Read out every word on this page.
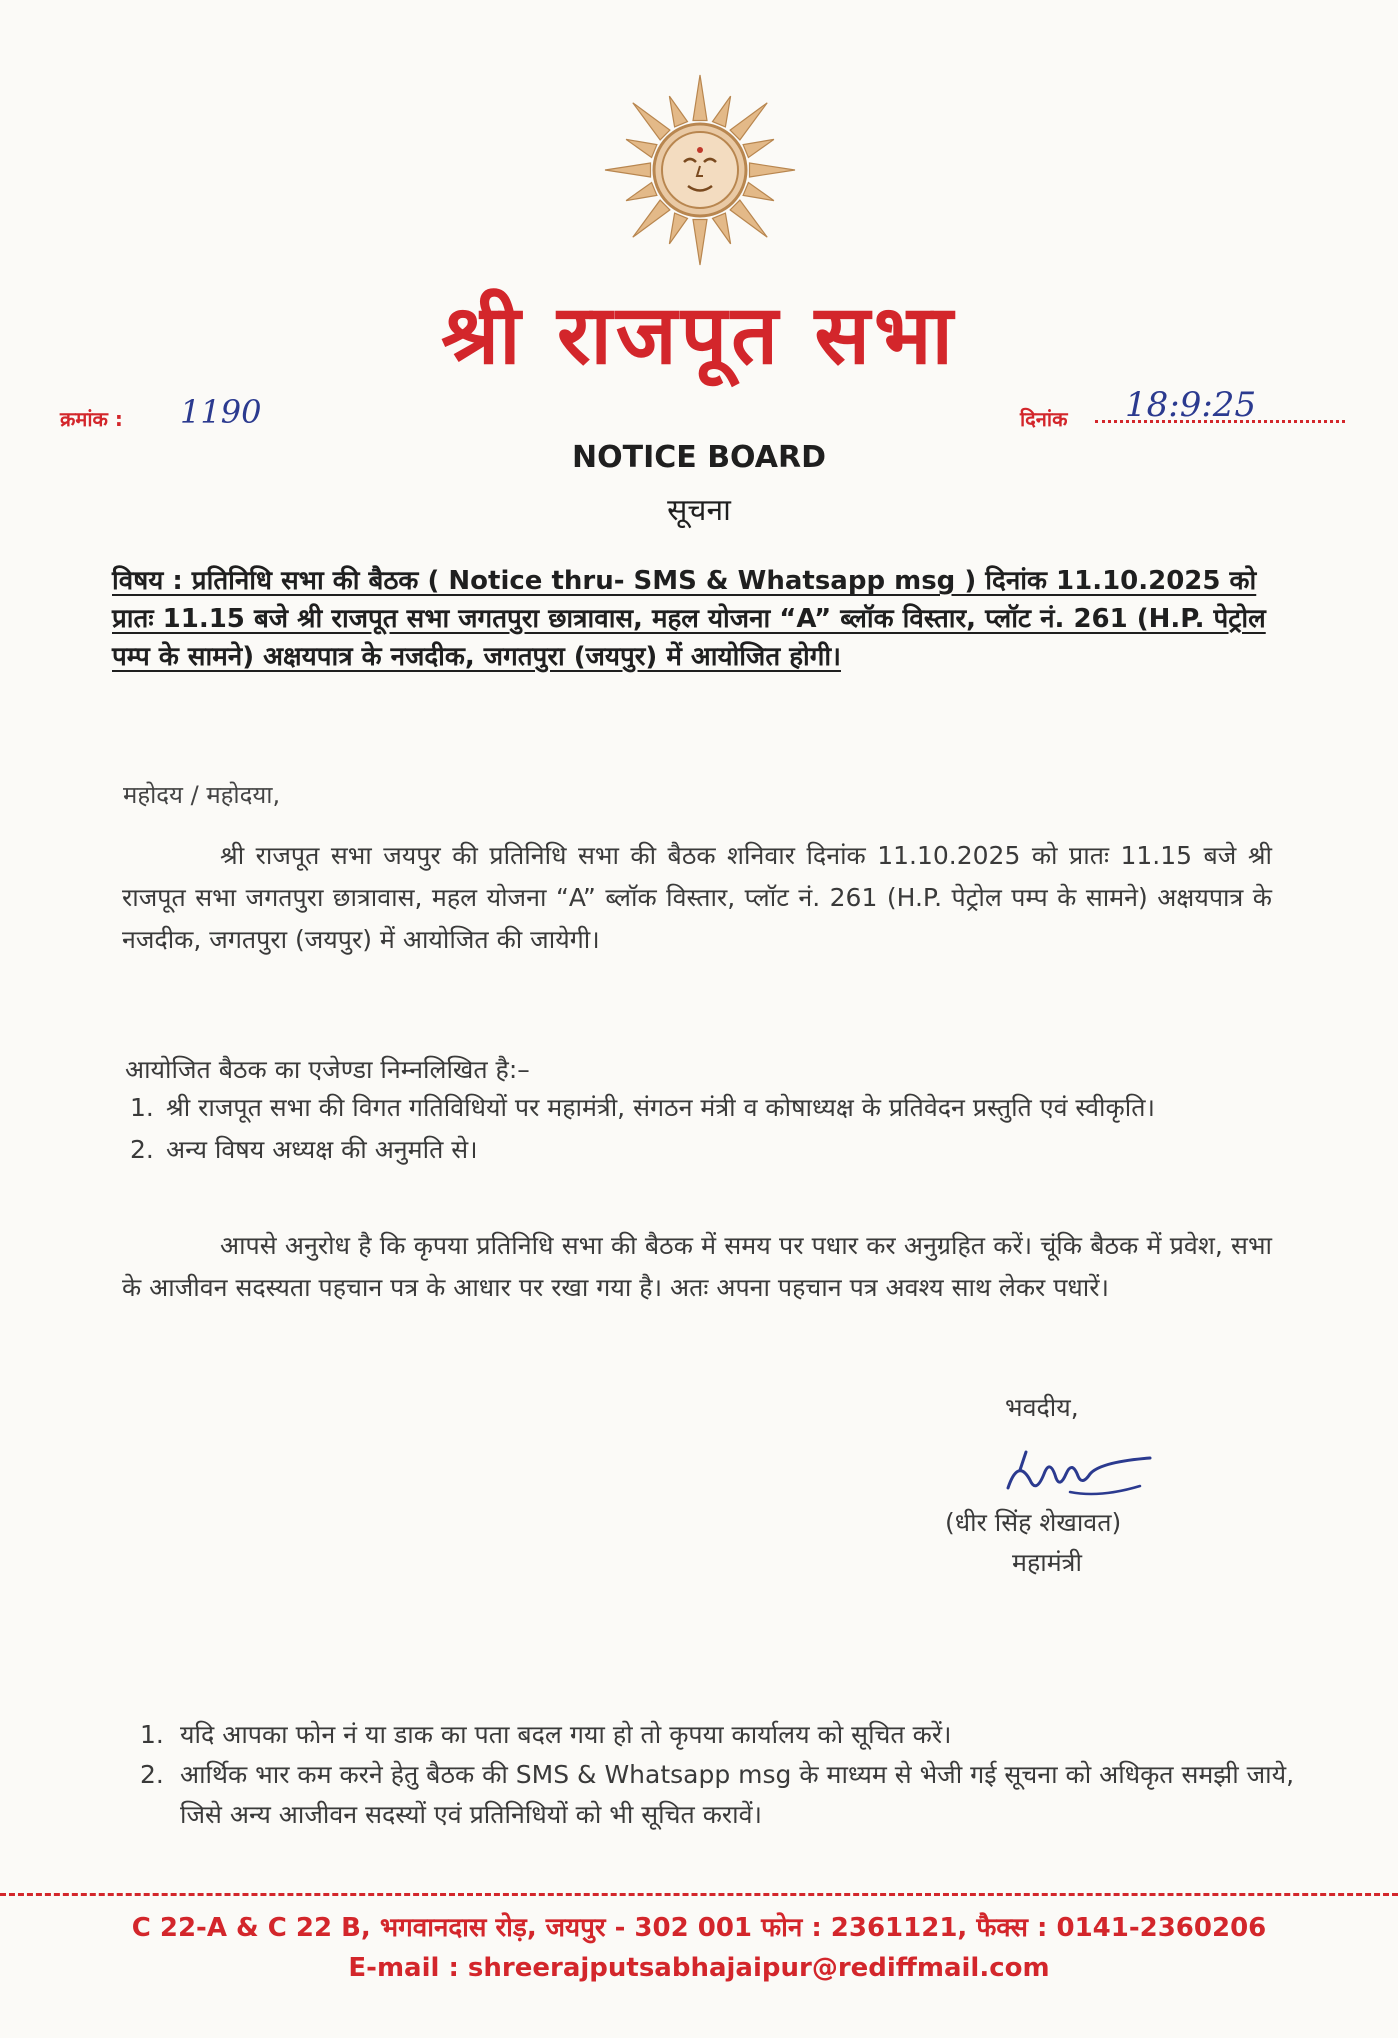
श्री राजपूत सभा
क्रमांक : 1190	दिनांक 18:9:25
NOTICE BOARD
सूचना
विषय : प्रतिनिधि सभा की बैठक ( Notice thru- SMS & Whatsapp msg ) दिनांक 11.10.2025 को प्रातः 11.15 बजे श्री राजपूत सभा जगतपुरा छात्रावास, महल योजना “A” ब्लॉक विस्तार, प्लॉट नं. 261 (H.P. पेट्रोल पम्प के सामने) अक्षयपात्र के नजदीक, जगतपुरा (जयपुर) में आयोजित होगी।
महोदय / महोदया,
श्री राजपूत सभा जयपुर की प्रतिनिधि सभा की बैठक शनिवार दिनांक 11.10.2025 को प्रातः 11.15 बजे श्री राजपूत सभा जगतपुरा छात्रावास, महल योजना “A” ब्लॉक विस्तार, प्लॉट नं. 261 (H.P. पेट्रोल पम्प के सामने) अक्षयपात्र के नजदीक, जगतपुरा (जयपुर) में आयोजित की जायेगी।
आयोजित बैठक का एजेण्डा निम्नलिखित है:–
1. श्री राजपूत सभा की विगत गतिविधियों पर महामंत्री, संगठन मंत्री व कोषाध्यक्ष के प्रतिवेदन प्रस्तुति एवं स्वीकृति।
2. अन्य विषय अध्यक्ष की अनुमति से।
आपसे अनुरोध है कि कृपया प्रतिनिधि सभा की बैठक में समय पर पधार कर अनुग्रहित करें। चूंकि बैठक में प्रवेश, सभा के आजीवन सदस्यता पहचान पत्र के आधार पर रखा गया है। अतः अपना पहचान पत्र अवश्य साथ लेकर पधारें।
भवदीय,
(धीर सिंह शेखावत)
महामंत्री
1. यदि आपका फोन नं या डाक का पता बदल गया हो तो कृपया कार्यालय को सूचित करें।
2. आर्थिक भार कम करने हेतु बैठक की SMS & Whatsapp msg के माध्यम से भेजी गई सूचना को अधिकृत समझी जाये, जिसे अन्य आजीवन सदस्यों एवं प्रतिनिधियों को भी सूचित करावें।
C 22-A & C 22 B, भगवानदास रोड़, जयपुर - 302 001 फोन : 2361121, फैक्स : 0141-2360206
E-mail : shreerajputsabhajaipur@rediffmail.com
